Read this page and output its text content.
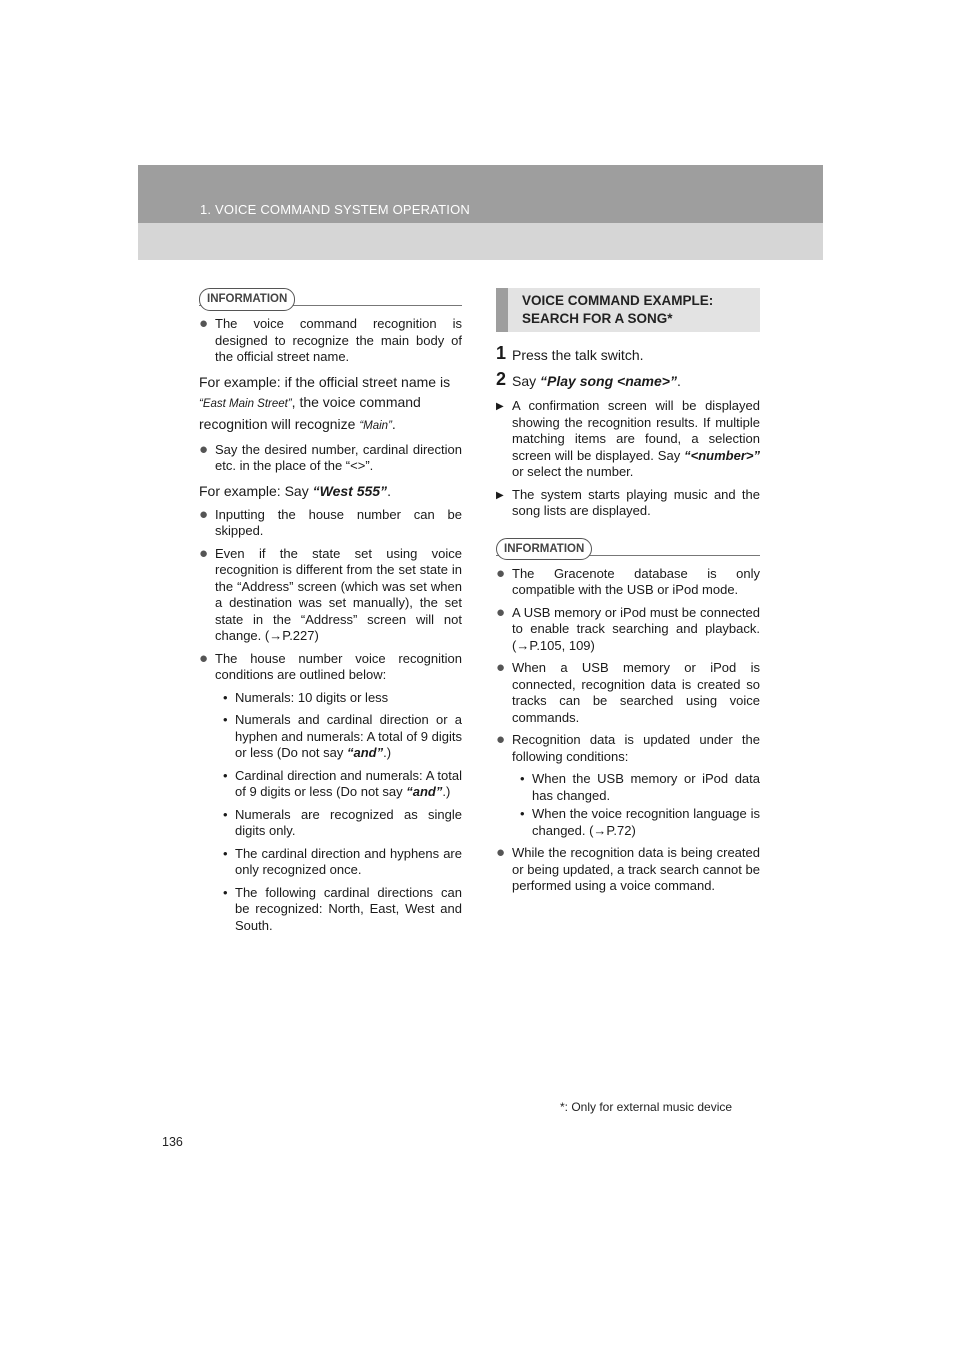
1. VOICE COMMAND SYSTEM OPERATION
INFORMATION
● The voice command recognition is designed to recognize the main body of the official street name.
For example: if the official street name is “East Main Street”, the voice command recognition will recognize “Main”.
● Say the desired number, cardinal direction etc. in the place of the “<>”.
For example: Say “West 555”.
● Inputting the house number can be skipped.
● Even if the state set using voice recognition is different from the set state in the “Address” screen (which was set when a destination was set manually), the set state in the “Address” screen will not change. (→P.227)
● The house number voice recognition conditions are outlined below:
• Numerals: 10 digits or less
• Numerals and cardinal direction or a hyphen and numerals: A total of 9 digits or less (Do not say “and”.)
• Cardinal direction and numerals: A total of 9 digits or less (Do not say “and”.)
• Numerals are recognized as single digits only.
• The cardinal direction and hyphens are only recognized once.
• The following cardinal directions can be recognized: North, East, West and South.
VOICE COMMAND EXAMPLE:
SEARCH FOR A SONG*
1 Press the talk switch.
2 Say “Play song <name>”.
▶ A confirmation screen will be displayed showing the recognition results. If multiple matching items are found, a selection screen will be displayed. Say “<number>” or select the number.
▶ The system starts playing music and the song lists are displayed.
INFORMATION
● The Gracenote database is only compatible with the USB or iPod mode.
● A USB memory or iPod must be connected to enable track searching and playback. (→P.105, 109)
● When a USB memory or iPod is connected, recognition data is created so tracks can be searched using voice commands.
● Recognition data is updated under the following conditions:
• When the USB memory or iPod data has changed.
• When the voice recognition language is changed. (→P.72)
● While the recognition data is being created or being updated, a track search cannot be performed using a voice command.
*: Only for external music device
136
